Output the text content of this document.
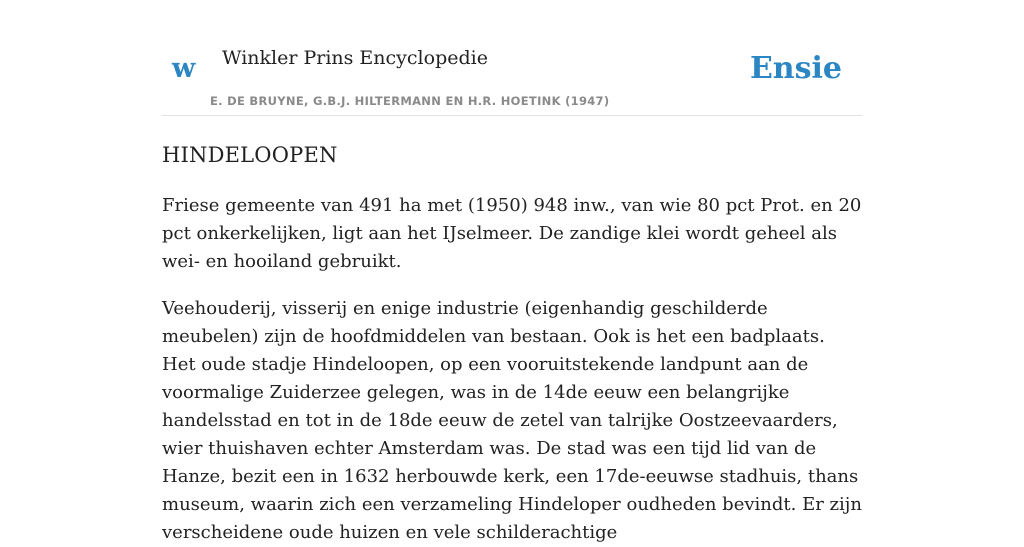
w Winkler Prins Encyclopedie
E. DE BRUYNE, G.B.J. HILTERMANN EN H.R. HOETINK (1947)
Ensie
HINDELOOPEN

Friese gemeente van 491 ha met (1950) 948 inw., van wie 80 pct Prot. en 20 pct onkerkelijken, ligt aan het IJselmeer. De zandige klei wordt geheel als wei- en hooiland gebruikt.

Veehouderij, visserij en enige industrie (eigenhandig geschilderde meubelen) zijn de hoofdmiddelen van bestaan. Ook is het een badplaats. Het oude stadje Hindeloopen, op een vooruitstekende landpunt aan de voormalige Zuiderzee gelegen, was in de 14de eeuw een belangrijke handelsstad en tot in de 18de eeuw de zetel van talrijke Oostzeevaarders, wier thuishaven echter Amsterdam was. De stad was een tijd lid van de Hanze, bezit een in 1632 herbouwde kerk, een 17de-eeuwse stadhuis, thans museum, waarin zich een verzameling Hindeloper oudheden bevindt. Er zijn verscheidene oude huizen en vele schilderachtige
